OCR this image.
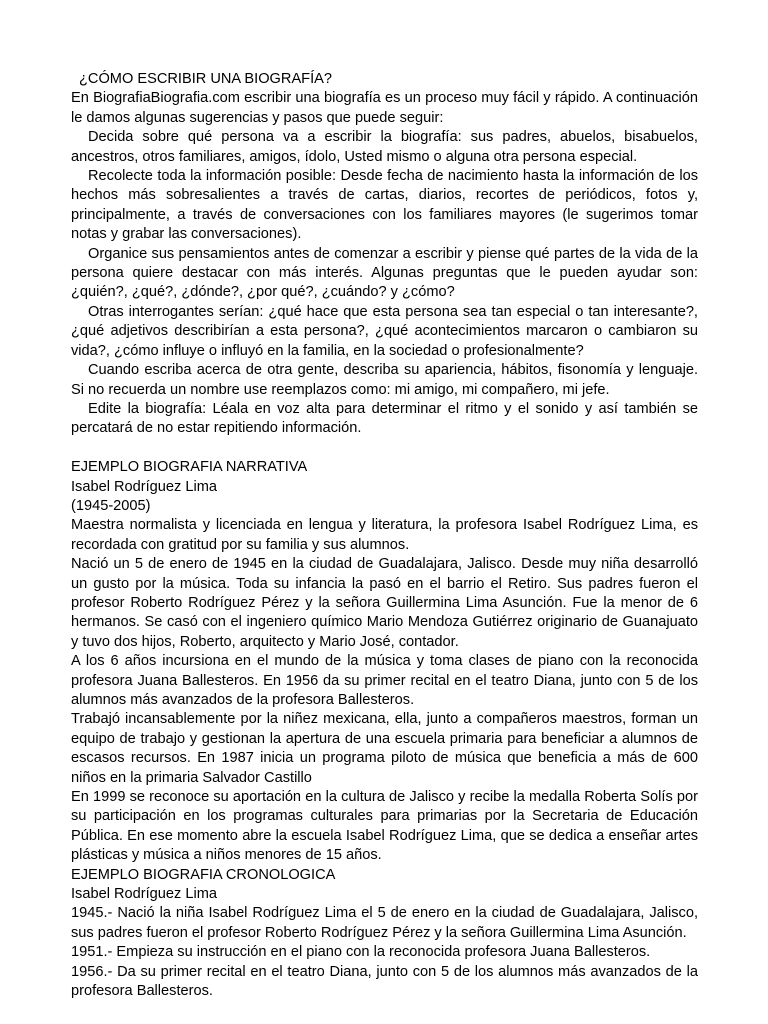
¿CÓMO ESCRIBIR UNA BIOGRAFÍA?

En BiografiaBiografia.com escribir una biografía es un proceso muy fácil y rápido. A continuación le damos algunas sugerencias y pasos que puede seguir:

Decida sobre qué persona va a escribir la biografía: sus padres, abuelos, bisabuelos, ancestros, otros familiares, amigos, ídolo, Usted mismo o alguna otra persona especial.

Recolecte toda la información posible: Desde fecha de nacimiento hasta la información de los hechos más sobresalientes a través de cartas, diarios, recortes de periódicos, fotos y, principalmente, a través de conversaciones con los familiares mayores (le sugerimos tomar notas y grabar las conversaciones).

Organice sus pensamientos antes de comenzar a escribir y piense qué partes de la vida de la persona quiere destacar con más interés. Algunas preguntas que le pueden ayudar son: ¿quién?, ¿qué?, ¿dónde?, ¿por qué?, ¿cuándo? y ¿cómo?

Otras interrogantes serían: ¿qué hace que esta persona sea tan especial o tan interesante?, ¿qué adjetivos describirían a esta persona?, ¿qué acontecimientos marcaron o cambiaron su vida?, ¿cómo influye o influyó en la familia, en la sociedad o profesionalmente?

Cuando escriba acerca de otra gente, describa su apariencia, hábitos, fisonomía y lenguaje. Si no recuerda un nombre use reemplazos como: mi amigo, mi compañero, mi jefe.

Edite la biografía: Léala en voz alta para determinar el ritmo y el sonido y así también se percatará de no estar repitiendo información.

EJEMPLO BIOGRAFIA NARRATIVA

Isabel Rodríguez Lima

(1945-2005)

Maestra normalista y licenciada en lengua y literatura, la profesora Isabel Rodríguez Lima, es recordada con gratitud por su familia y sus alumnos.

Nació un 5 de enero de 1945 en la ciudad de Guadalajara, Jalisco. Desde muy niña desarrolló un gusto por la música. Toda su infancia la pasó en el barrio el Retiro. Sus padres fueron el profesor Roberto Rodríguez Pérez y la señora Guillermina Lima Asunción. Fue la menor de 6 hermanos. Se casó con el ingeniero químico Mario Mendoza Gutiérrez originario de Guanajuato y tuvo dos hijos, Roberto, arquitecto y Mario José, contador.

A los 6 años incursiona en el mundo de la música y toma clases de piano con la reconocida profesora Juana Ballesteros. En 1956 da su primer recital en el teatro Diana, junto con 5 de los alumnos más avanzados de la profesora Ballesteros.

Trabajó incansablemente por la niñez mexicana, ella, junto a compañeros maestros, forman un equipo de trabajo y gestionan la apertura de una escuela primaria para beneficiar a alumnos de escasos recursos. En 1987 inicia un programa piloto de música que beneficia a más de 600 niños en la primaria Salvador Castillo

En 1999 se reconoce su aportación en la cultura de Jalisco y recibe la medalla Roberta Solís por su participación en los programas culturales para primarias por la Secretaria de Educación Pública. En ese momento abre la escuela Isabel Rodríguez Lima, que se dedica a enseñar artes plásticas y música a niños menores de 15 años.

EJEMPLO BIOGRAFIA CRONOLOGICA

Isabel Rodríguez Lima

1945.- Nació la niña Isabel Rodríguez Lima el 5 de enero en la ciudad de Guadalajara, Jalisco, sus padres fueron el profesor Roberto Rodríguez Pérez y la señora Guillermina Lima Asunción.

1951.- Empieza su instrucción en el piano con la reconocida profesora Juana Ballesteros.

1956.- Da su primer recital en el teatro Diana, junto con 5 de los alumnos más avanzados de la profesora Ballesteros.
